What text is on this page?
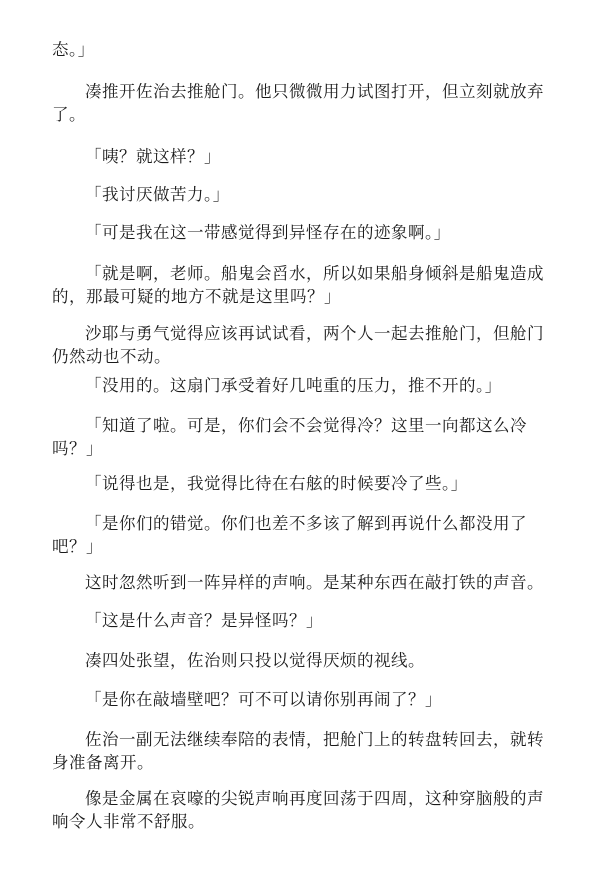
态。」

凑推开佐治去推舱门。他只微微用力试图打开，但立刻就放弃了。

「咦？就这样？」

「我讨厌做苦力。」

「可是我在这一带感觉得到异怪存在的迹象啊。」

「就是啊，老师。船鬼会舀水，所以如果船身倾斜是船鬼造成的，那最可疑的地方不就是这里吗？」

沙耶与勇气觉得应该再试试看，两个人一起去推舱门，但舱门仍然动也不动。

「没用的。这扇门承受着好几吨重的压力，推不开的。」

「知道了啦。可是，你们会不会觉得冷？这里一向都这么冷吗？」

「说得也是，我觉得比待在右舷的时候要冷了些。」

「是你们的错觉。你们也差不多该了解到再说什么都没用了吧？」

这时忽然听到一阵异样的声响。是某种东西在敲打铁的声音。

「这是什么声音？是异怪吗？」

凑四处张望，佐治则只投以觉得厌烦的视线。

「是你在敲墙壁吧？可不可以请你别再闹了？」

佐治一副无法继续奉陪的表情，把舱门上的转盘转回去，就转身准备离开。

像是金属在哀嚎的尖锐声响再度回荡于四周，这种穿脑般的声响令人非常不舒服。
